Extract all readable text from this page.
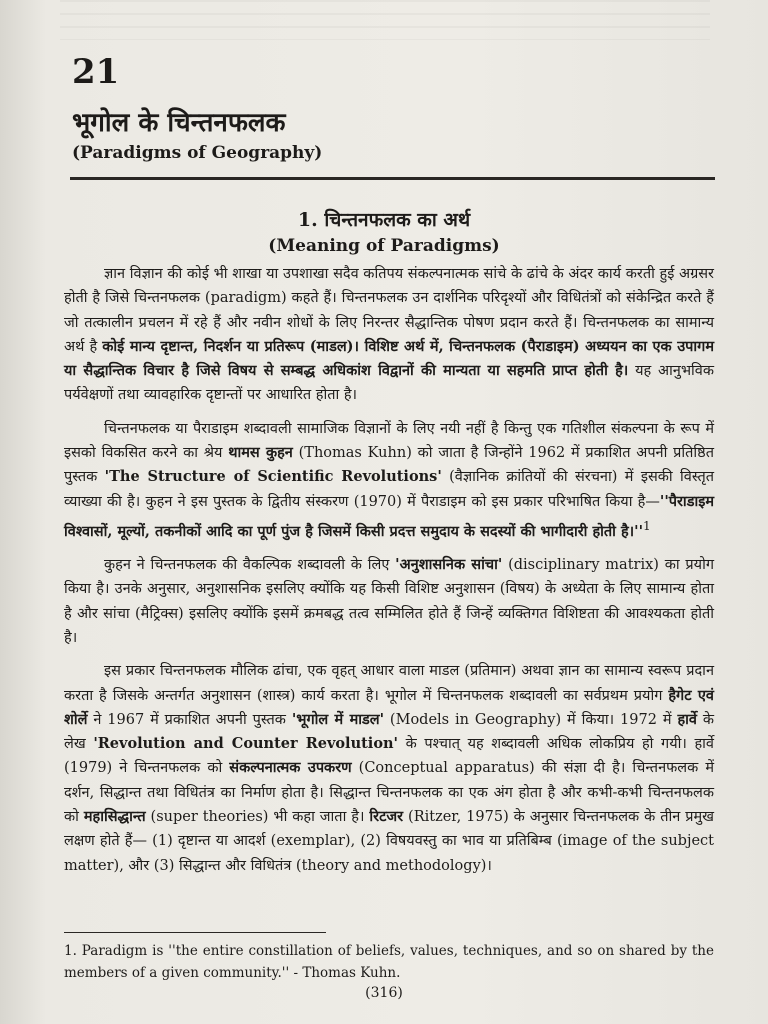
21
भूगोल के चिन्तनफलक
(Paradigms of Geography)
1. चिन्तनफलक का अर्थ
(Meaning of Paradigms)

ज्ञान विज्ञान की कोई भी शाखा या उपशाखा सदैव कतिपय संकल्पनात्मक सांचे के ढांचे के अंदर कार्य करती हुई अग्रसर होती है जिसे चिन्तनफलक (paradigm) कहते हैं। चिन्तनफलक उन दार्शनिक परिदृश्यों और विधितंत्रों को संकेन्द्रित करते हैं जो तत्कालीन प्रचलन में रहे हैं और नवीन शोधों के लिए निरन्तर सैद्धान्तिक पोषण प्रदान करते हैं। चिन्तनफलक का सामान्य अर्थ है कोई मान्य दृष्टान्त, निदर्शन या प्रतिरूप (माडल)। विशिष्ट अर्थ में, चिन्तनफलक (पैराडाइम) अध्ययन का एक उपागम या सैद्धान्तिक विचार है जिसे विषय से सम्बद्ध अधिकांश विद्वानों की मान्यता या सहमति प्राप्त होती है। यह आनुभविक पर्यवेक्षणों तथा व्यावहारिक दृष्टान्तों पर आधारित होता है।

चिन्तनफलक या पैराडाइम शब्दावली सामाजिक विज्ञानों के लिए नयी नहीं है किन्तु एक गतिशील संकल्पना के रूप में इसको विकसित करने का श्रेय थामस कुहन (Thomas Kuhn) को जाता है जिन्होंने 1962 में प्रकाशित अपनी प्रतिष्ठित पुस्तक 'The Structure of Scientific Revolutions' (वैज्ञानिक क्रांतियों की संरचना) में इसकी विस्तृत व्याख्या की है। कुहन ने इस पुस्तक के द्वितीय संस्करण (1970) में पैराडाइम को इस प्रकार परिभाषित किया है—''पैराडाइम विश्वासों, मूल्यों, तकनीकों आदि का पूर्ण पुंज है जिसमें किसी प्रदत्त समुदाय के सदस्यों की भागीदारी होती $है।''^1$

कुहन ने चिन्तनफलक की वैकल्पिक शब्दावली के लिए 'अनुशासनिक सांचा' (disciplinary matrix) का प्रयोग किया है। उनके अनुसार, अनुशासनिक इसलिए क्योंकि यह किसी विशिष्ट अनुशासन (विषय) के अध्येता के लिए सामान्य होता है और सांचा (मैट्रिक्स) इसलिए क्योंकि इसमें क्रमबद्ध तत्व सम्मिलित होते हैं जिन्हें व्यक्तिगत विशिष्टता की आवश्यकता होती है।

इस प्रकार चिन्तनफलक मौलिक ढांचा, एक वृहत् आधार वाला माडल (प्रतिमान) अथवा ज्ञान का सामान्य स्वरूप प्रदान करता है जिसके अन्तर्गत अनुशासन (शास्त्र) कार्य करता है। भूगोल में चिन्तनफलक शब्दावली का सर्वप्रथम प्रयोग हैगेट एवं शोर्ले ने 1967 में प्रकाशित अपनी पुस्तक 'भूगोल में माडल' (Models in Geography) में किया। 1972 में हार्वे के लेख 'Revolution and Counter Revolution' के पश्चात् यह शब्दावली अधिक लोकप्रिय हो गयी। हार्वे (1979) ने चिन्तनफलक को संकल्पनात्मक उपकरण (Conceptual apparatus) की संज्ञा दी है। चिन्तनफलक में दर्शन, सिद्धान्त तथा विधितंत्र का निर्माण होता है। सिद्धान्त चिन्तनफलक का एक अंग होता है और कभी-कभी चिन्तनफलक को महासिद्धान्त (super theories) भी कहा जाता है। रिटजर (Ritzer, 1975) के अनुसार चिन्तनफलक के तीन प्रमुख लक्षण होते हैं— (1) दृष्टान्त या आदर्श (exemplar), (2) विषयवस्तु का भाव या प्रतिबिम्ब (image of the subject matter), और (3) सिद्धान्त और विधितंत्र (theory and methodology)।

1. Paradigm is ''the entire constillation of beliefs, values, techniques, and so on shared by the members of a given community.'' - Thomas Kuhn.
(316)
